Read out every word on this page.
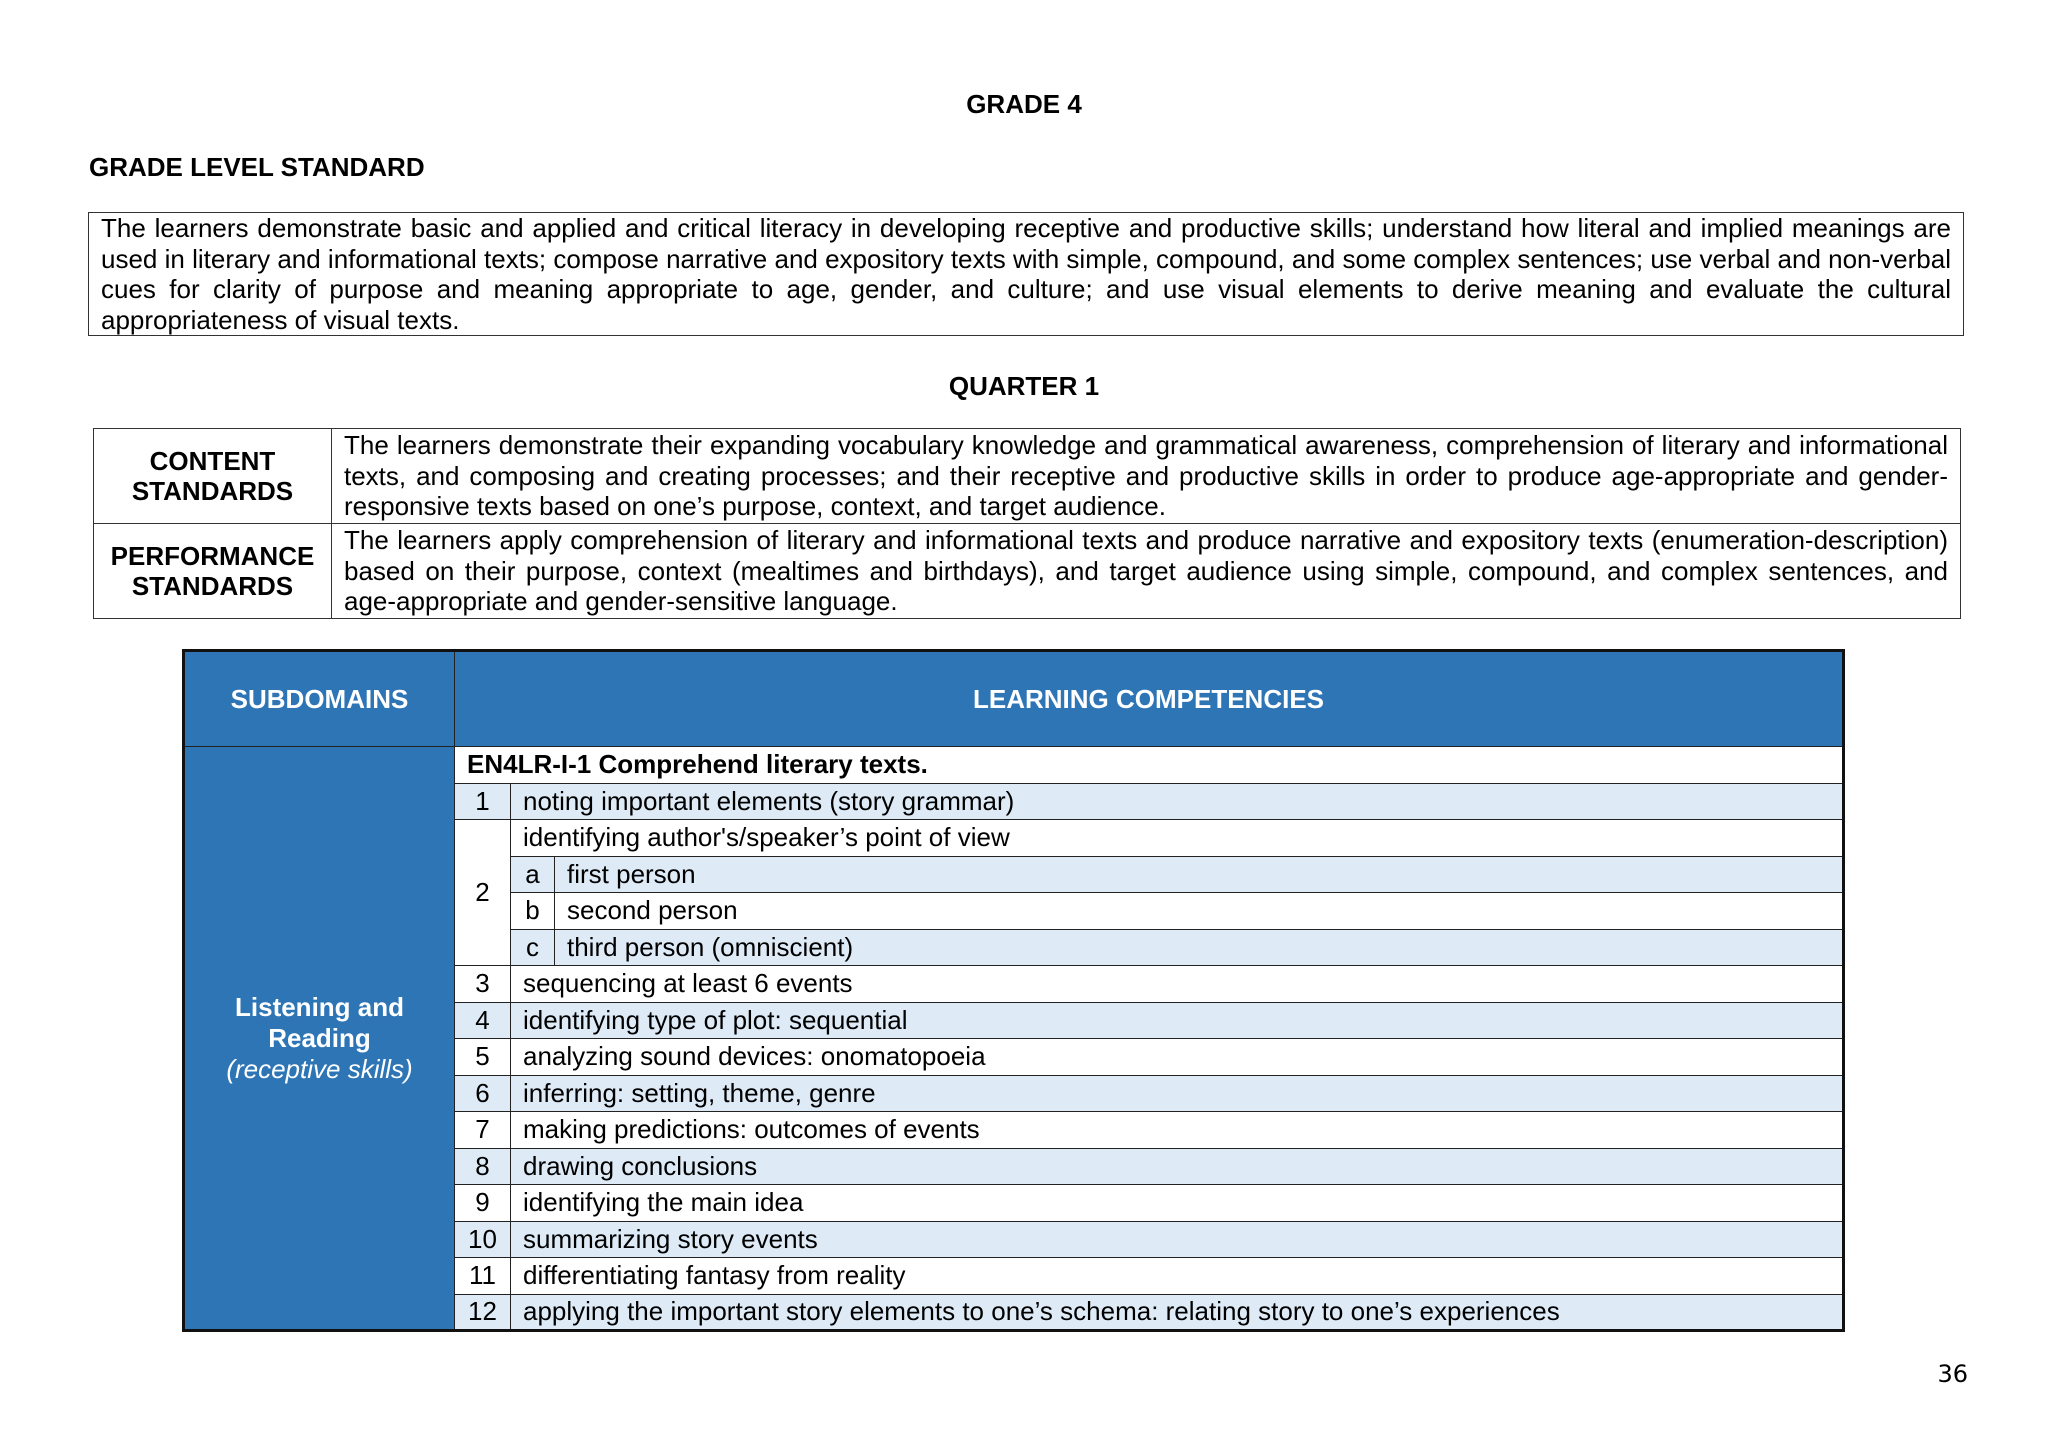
GRADE 4
GRADE LEVEL STANDARD
The learners demonstrate basic and applied and critical literacy in developing receptive and productive skills; understand how literal and implied meanings are used in literary and informational texts; compose narrative and expository texts with simple, compound, and some complex sentences; use verbal and non-verbal cues for clarity of purpose and meaning appropriate to age, gender, and culture; and use visual elements to derive meaning and evaluate the cultural appropriateness of visual texts.
QUARTER 1
CONTENT
STANDARDS	The learners demonstrate their expanding vocabulary knowledge and grammatical awareness, comprehension of literary and informational texts, and composing and creating processes; and their receptive and productive skills in order to produce age-appropriate and gender-responsive texts based on one’s purpose, context, and target audience.

PERFORMANCE
STANDARDS	The learners apply comprehension of literary and informational texts and produce narrative and expository texts (enumeration-description) based on their purpose, context (mealtimes and birthdays), and target audience using simple, compound, and complex sentences, and age-appropriate and gender-sensitive language.
SUBDOMAINS	LEARNING COMPETENCIES		

Listening and
Reading
(receptive skills)	EN4LR-I-1 Comprehend literary texts.		
	1	noting important elements (story grammar)	
	2	identifying author's/speaker’s point of view	
		a	first person
		b	second person
		c	third person (omniscient)
	3	sequencing at least 6 events	
	4	identifying type of plot: sequential	
	5	analyzing sound devices: onomatopoeia	
	6	inferring: setting, theme, genre	
	7	making predictions: outcomes of events	
	8	drawing conclusions	
	9	identifying the main idea	
	10	summarizing story events	
	11	differentiating fantasy from reality	
	12	applying the important story elements to one’s schema: relating story to one’s experiences	
36
